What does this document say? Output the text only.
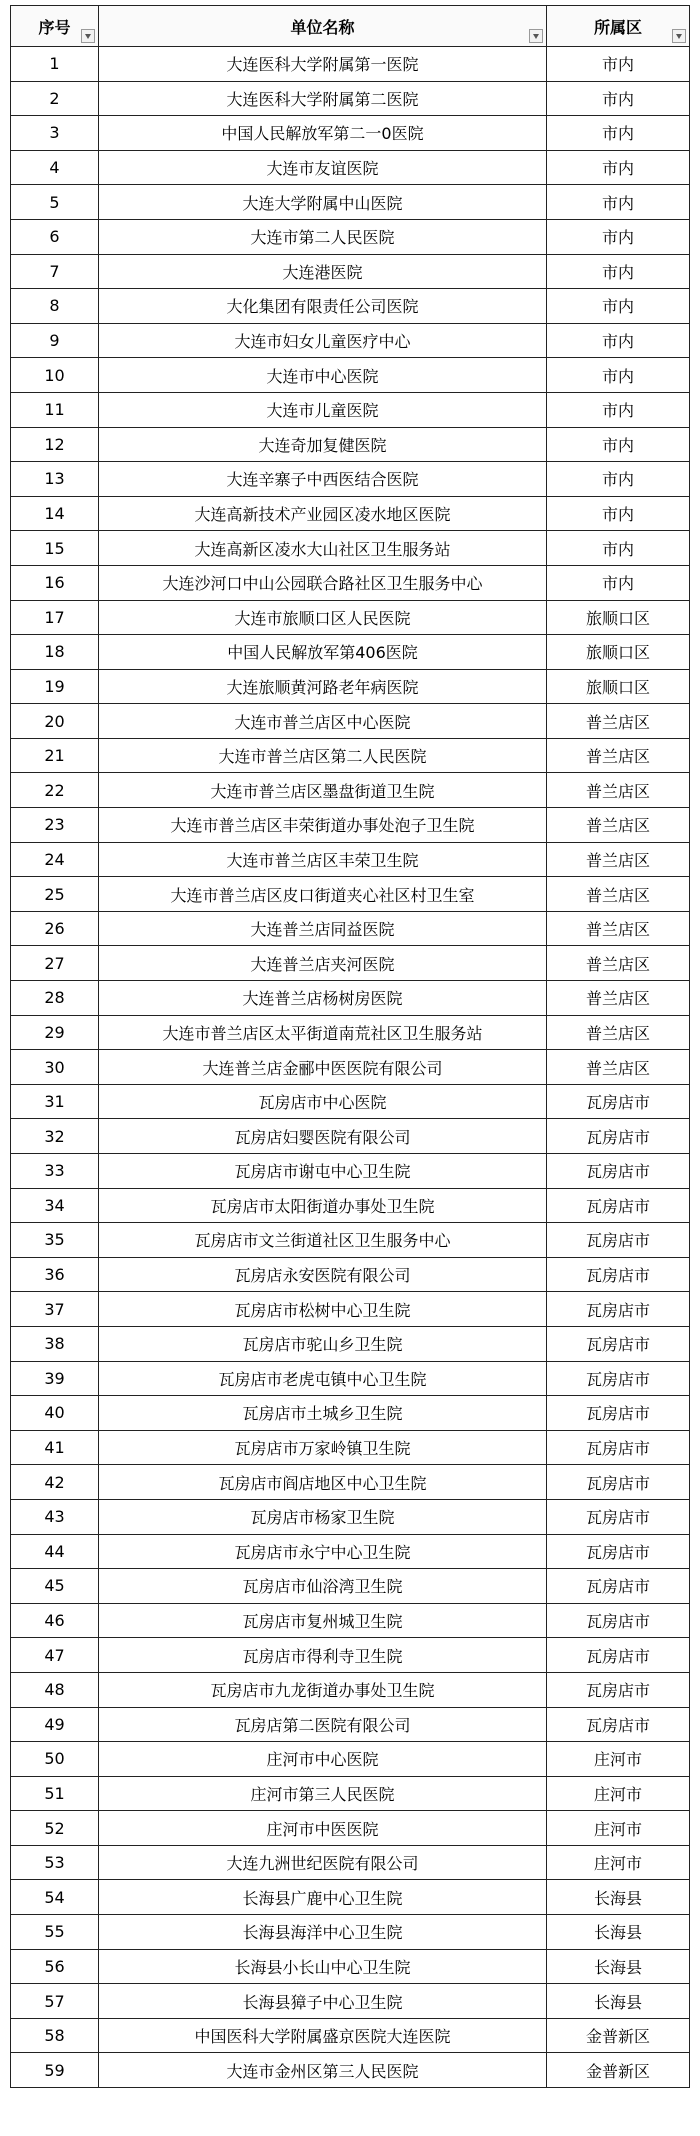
序号	单位名称	所属区

1	大连医科大学附属第一医院	市内
2	大连医科大学附属第二医院	市内
3	中国人民解放军第二一0医院	市内
4	大连市友谊医院	市内
5	大连大学附属中山医院	市内
6	大连市第二人民医院	市内
7	大连港医院	市内
8	大化集团有限责任公司医院	市内
9	大连市妇女儿童医疗中心	市内
10	大连市中心医院	市内
11	大连市儿童医院	市内
12	大连奇加复健医院	市内
13	大连辛寨子中西医结合医院	市内
14	大连高新技术产业园区凌水地区医院	市内
15	大连高新区凌水大山社区卫生服务站	市内
16	大连沙河口中山公园联合路社区卫生服务中心	市内
17	大连市旅顺口区人民医院	旅顺口区
18	中国人民解放军第406医院	旅顺口区
19	大连旅顺黄河路老年病医院	旅顺口区
20	大连市普兰店区中心医院	普兰店区
21	大连市普兰店区第二人民医院	普兰店区
22	大连市普兰店区墨盘街道卫生院	普兰店区
23	大连市普兰店区丰荣街道办事处泡子卫生院	普兰店区
24	大连市普兰店区丰荣卫生院	普兰店区
25	大连市普兰店区皮口街道夹心社区村卫生室	普兰店区
26	大连普兰店同益医院	普兰店区
27	大连普兰店夹河医院	普兰店区
28	大连普兰店杨树房医院	普兰店区
29	大连市普兰店区太平街道南荒社区卫生服务站	普兰店区
30	大连普兰店金郦中医医院有限公司	普兰店区
31	瓦房店市中心医院	瓦房店市
32	瓦房店妇婴医院有限公司	瓦房店市
33	瓦房店市谢屯中心卫生院	瓦房店市
34	瓦房店市太阳街道办事处卫生院	瓦房店市
35	瓦房店市文兰街道社区卫生服务中心	瓦房店市
36	瓦房店永安医院有限公司	瓦房店市
37	瓦房店市松树中心卫生院	瓦房店市
38	瓦房店市驼山乡卫生院	瓦房店市
39	瓦房店市老虎屯镇中心卫生院	瓦房店市
40	瓦房店市土城乡卫生院	瓦房店市
41	瓦房店市万家岭镇卫生院	瓦房店市
42	瓦房店市阎店地区中心卫生院	瓦房店市
43	瓦房店市杨家卫生院	瓦房店市
44	瓦房店市永宁中心卫生院	瓦房店市
45	瓦房店市仙浴湾卫生院	瓦房店市
46	瓦房店市复州城卫生院	瓦房店市
47	瓦房店市得利寺卫生院	瓦房店市
48	瓦房店市九龙街道办事处卫生院	瓦房店市
49	瓦房店第二医院有限公司	瓦房店市
50	庄河市中心医院	庄河市
51	庄河市第三人民医院	庄河市
52	庄河市中医医院	庄河市
53	大连九洲世纪医院有限公司	庄河市
54	长海县广鹿中心卫生院	长海县
55	长海县海洋中心卫生院	长海县
56	长海县小长山中心卫生院	长海县
57	长海县獐子中心卫生院	长海县
58	中国医科大学附属盛京医院大连医院	金普新区
59	大连市金州区第三人民医院	金普新区
